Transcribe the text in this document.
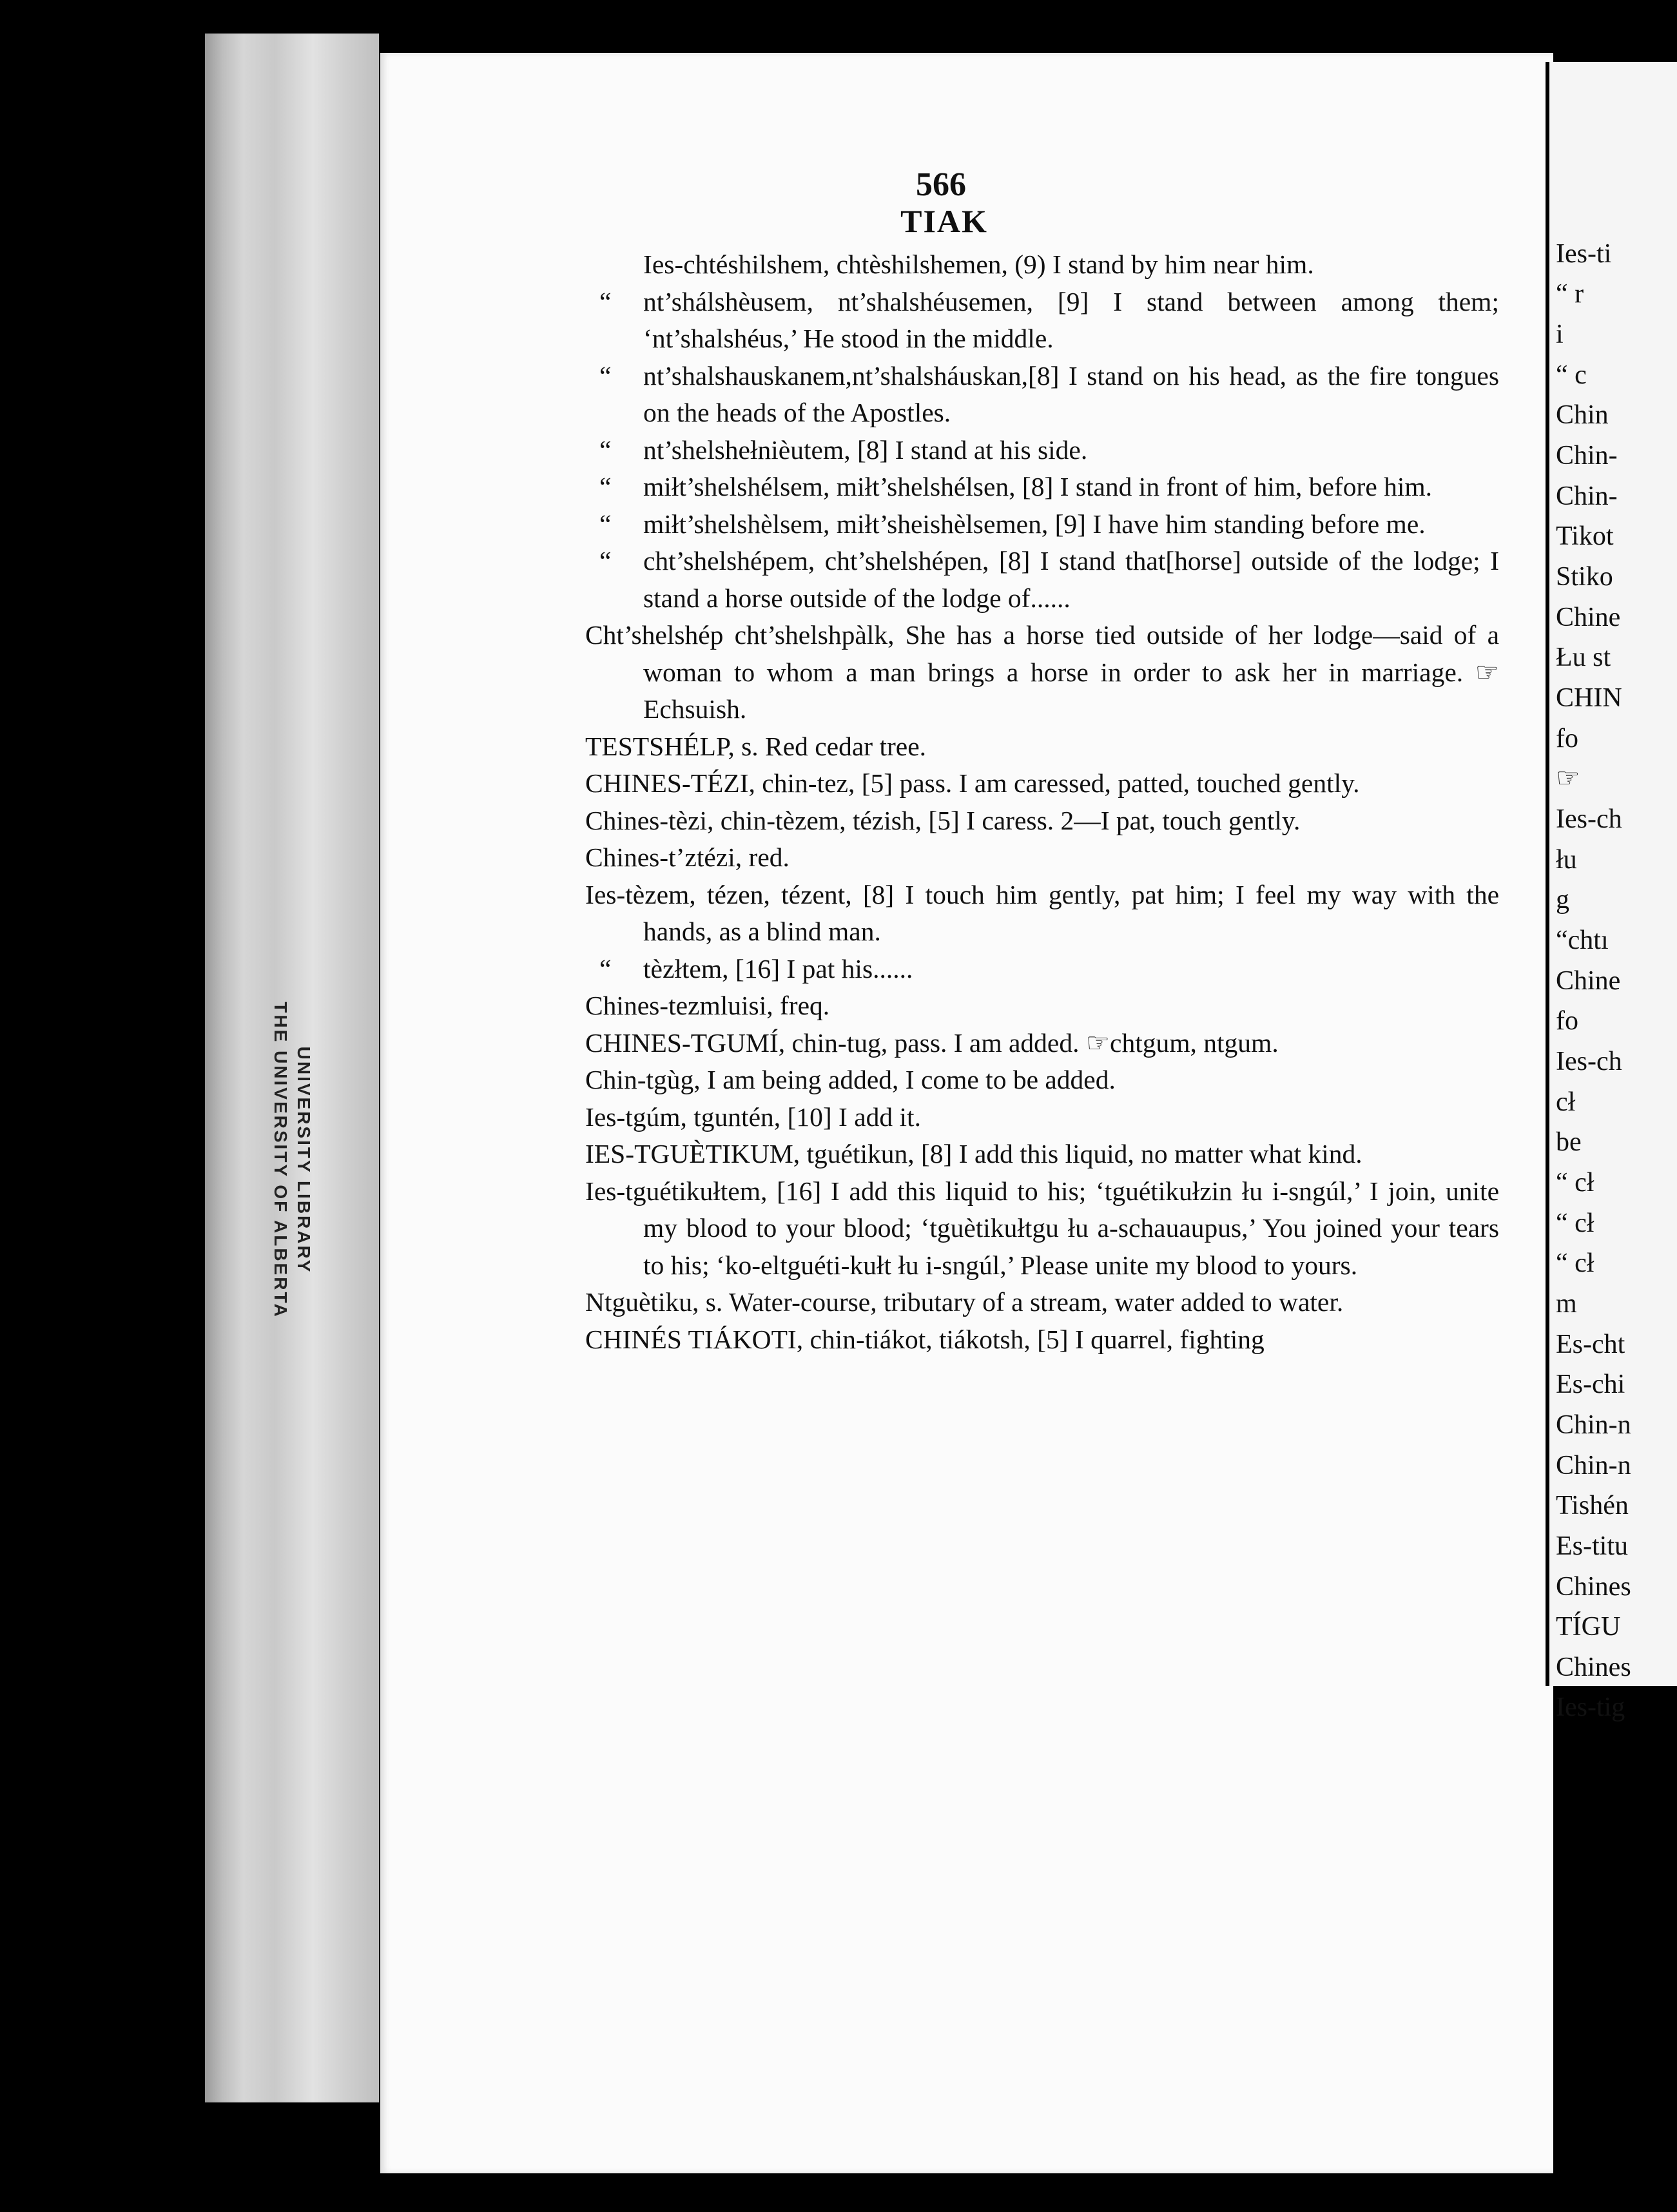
UNIVERSITY LIBRARY
THE UNIVERSITY OF ALBERTA
566
TIAK

Ies-chtéshilshem, chtèshilshemen, (9) I stand by him near him.

“ nt’shálshèusem, nt’shalshéusemen, [9] I stand between among them; ‘nt’shalshéus,’ He stood in the middle.

“ nt’shalshauskanem,nt’shalsháuskan,[8] I stand on his head, as the fire tongues on the heads of the Apostles.

“ nt’shelshełnièutem, [8] I stand at his side.

“ miłt’shelshélsem, miłt’shelshélsen, [8] I stand in front of him, before him.

“ miłt’shelshèlsem, miłt’sheishèlsemen, [9] I have him standing before me.

“ cht’shelshépem, cht’shelshépen, [8] I stand that[horse] outside of the lodge; I stand a horse outside of the lodge of......

Cht’shelshép cht’shelshpàlk, She has a horse tied outside of her lodge—said of a woman to whom a man brings a horse in order to ask her in marriage. ☞Echsuish.

TESTSHÉLP, s. Red cedar tree.

CHINES-TÉZI, chin-tez, [5] pass. I am caressed, patted, touched gently.

Chines-tèzi, chin-tèzem, tézish, [5] I caress. 2—I pat, touch gently.

Chines-t’ztézi, red.

Ies-tèzem, tézen, tézent, [8] I touch him gently, pat him; I feel my way with the hands, as a blind man.

“ tèzłtem, [16] I pat his......

Chines-tezmluisi, freq.

CHINES-TGUMÍ, chin-tug, pass. I am added. ☞chtgum, ntgum.

Chin-tgùg, I am being added, I come to be added.

Ies-tgúm, tguntén, [10] I add it.

IES-TGUÈTIKUM, tguétikun, [8] I add this liquid, no matter what kind.

Ies-tguétikułtem, [16] I add this liquid to his; ‘tguétikułzin łu i-sngúl,’ I join, unite my blood to your blood; ‘tguètikułtgu łu a-schauaupus,’ You joined your tears to his; ‘ko-eltguéti-kułt łu i-sngúl,’ Please unite my blood to yours.

Ntguètiku, s. Water-course, tributary of a stream, water added to water.

CHINÉS TIÁKOTI, chin-tiákot, tiákotsh, [5] I quarrel, fighting

Ies-ti
“ r
i
“ c
Chin
Chin-
Chin-
Tikot
Stiko
Chine
Łu st
CHIN
fo
☞
Ies-ch
łu
g
“chtı
Chine
fo
Ies-ch
cł
be
“ cł
“ cł
“ cł
m
Es-cht
Es-chi
Chin-n
Chin-n
Tishén
Es-titu
Chines
TÍGU
Chines
Ies-tig
